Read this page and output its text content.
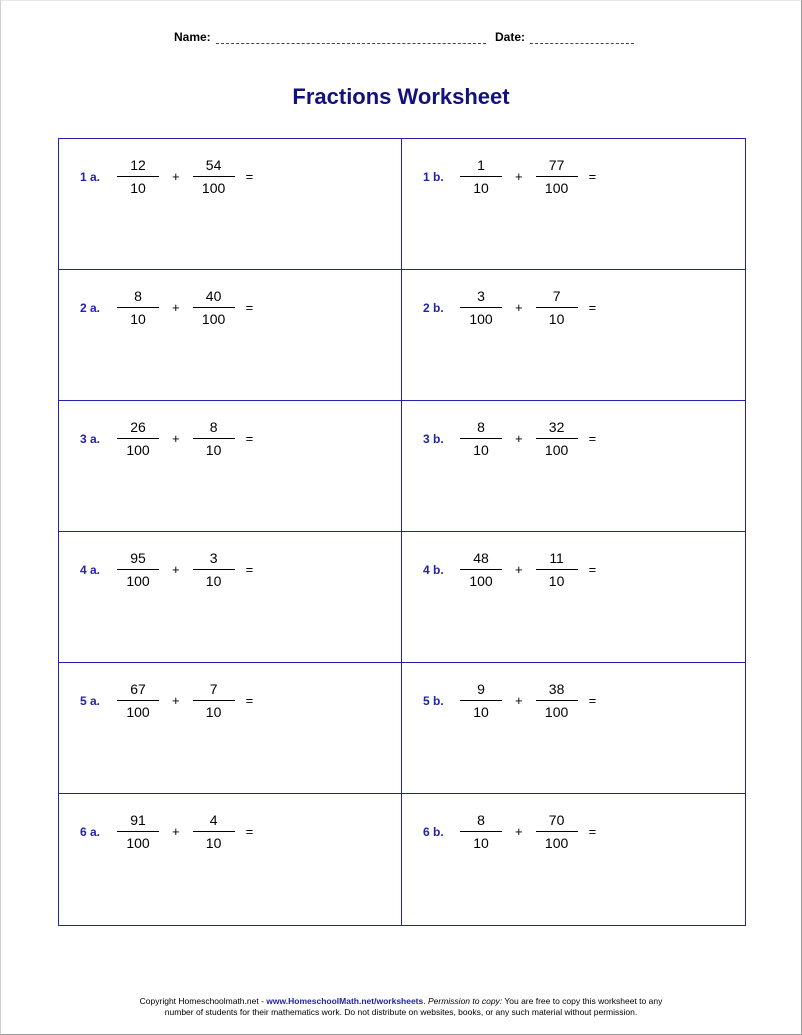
Name:	Date:
Fractions Worksheet
1 a.	$\frac{12}{10} + \frac{54}{100}$ =	1 b.	$\frac{1}{10} + \frac{77}{100}$ =
2 a.	$\frac{8}{10} + \frac{40}{100}$ =	2 b.	$\frac{3}{100} + \frac{7}{10}$ =
3 a.	$\frac{26}{100} + \frac{8}{10}$ =	3 b.	$\frac{8}{10} + \frac{32}{100}$ =
4 a.	$\frac{95}{100} + \frac{3}{10}$ =	4 b.	$\frac{48}{100} + \frac{11}{10}$ =
5 a.	$\frac{67}{100} + \frac{7}{10}$ =	5 b.	$\frac{9}{10} + \frac{38}{100}$ =
6 a.	$\frac{91}{100} + \frac{4}{10}$ =	6 b.	$\frac{8}{10} + \frac{70}{100}$ =
Copyright Homeschoolmath.net - www.HomeschoolMath.net/worksheets. Permission to copy: You are free to copy this worksheet to any
number of students for their mathematics work. Do not distribute on websites, books, or any such material without permission.
